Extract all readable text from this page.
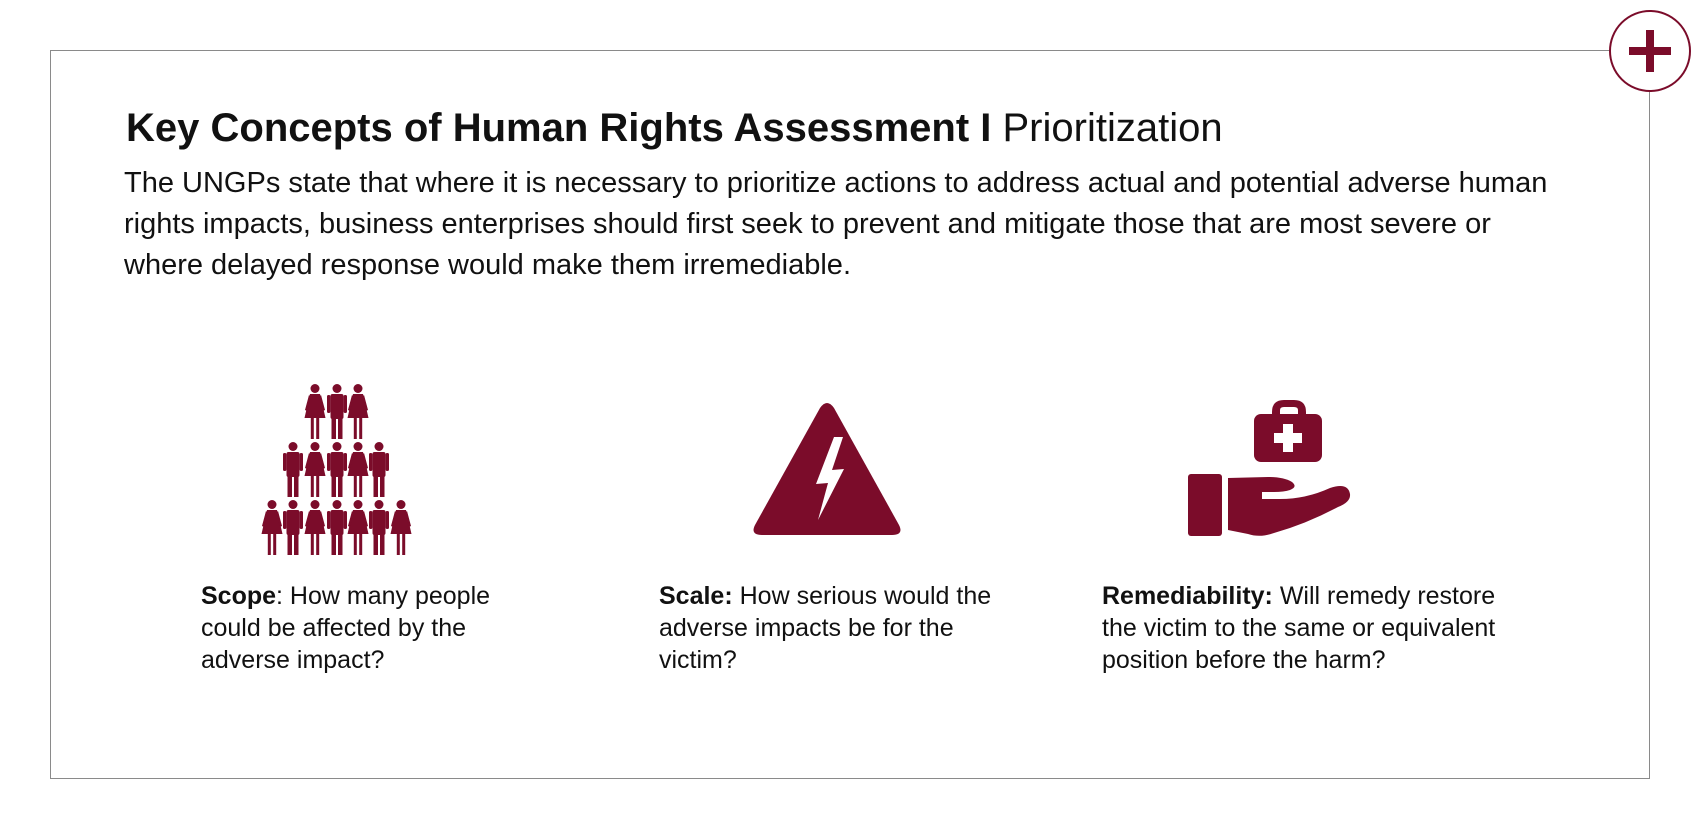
Key Concepts of Human Rights Assessment I Prioritization

The UNGPs state that where it is necessary to prioritize actions to address actual and potential adverse human rights impacts, business enterprises should first seek to prevent and mitigate those that are most severe or where delayed response would make them irremediable.

Scope: How many people could be affected by the adverse impact?

Scale: How serious would the adverse impacts be for the victim?

Remediability: Will remedy restore the victim to the same or equivalent position before the harm?
